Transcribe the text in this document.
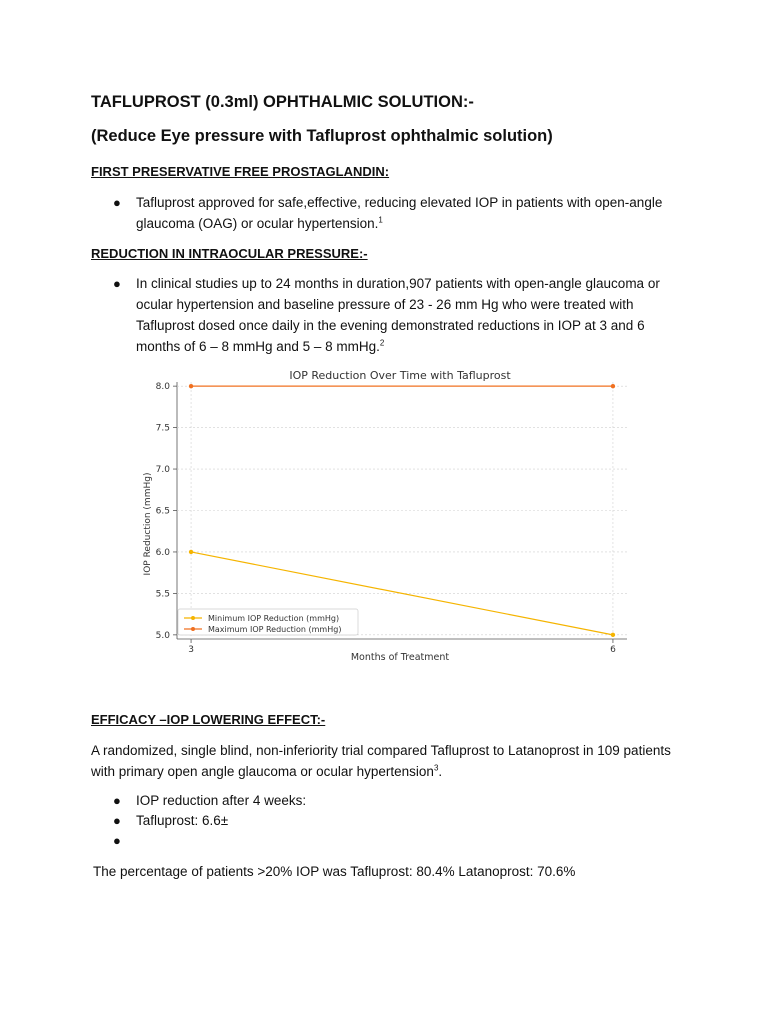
TAFLUPROST (0.3ml) OPHTHALMIC SOLUTION:-
(Reduce Eye pressure with Tafluprost ophthalmic solution)
FIRST PRESERVATIVE FREE PROSTAGLANDIN:
● Tafluprost approved for safe,effective, reducing elevated IOP in patients with open-angle glaucoma (OAG) or ocular hypertension.$^1$
REDUCTION IN INTRAOCULAR PRESSURE:-
● In clinical studies up to 24 months in duration,907 patients with open-angle glaucoma or ocular hypertension and baseline pressure of 23 - 26 mm Hg who were treated with Tafluprost dosed once daily in the evening demonstrated reductions in IOP at 3 and 6 months of 6 – 8 mmHg and 5 – 8 mmHg.$^2$
IOP Reduction Over Time with Tafluprost
5.0
5.5
6.0
6.5
7.0
7.5
8.0
3	6
Months of Treatment
IOP Reduction (mmHg)
Minimum IOP Reduction (mmHg)
Maximum IOP Reduction (mmHg)
EFFICACY –IOP LOWERING EFFECT:-
A randomized, single blind, non-inferiority trial compared Tafluprost to Latanoprost in 109 patients with primary open angle glaucoma or ocular hypertension$^3$.
● IOP reduction after 4 weeks:
● Tafluprost: 6.6±
●
The percentage of patients >20% IOP was Tafluprost: 80.4% Latanoprost: 70.6%
